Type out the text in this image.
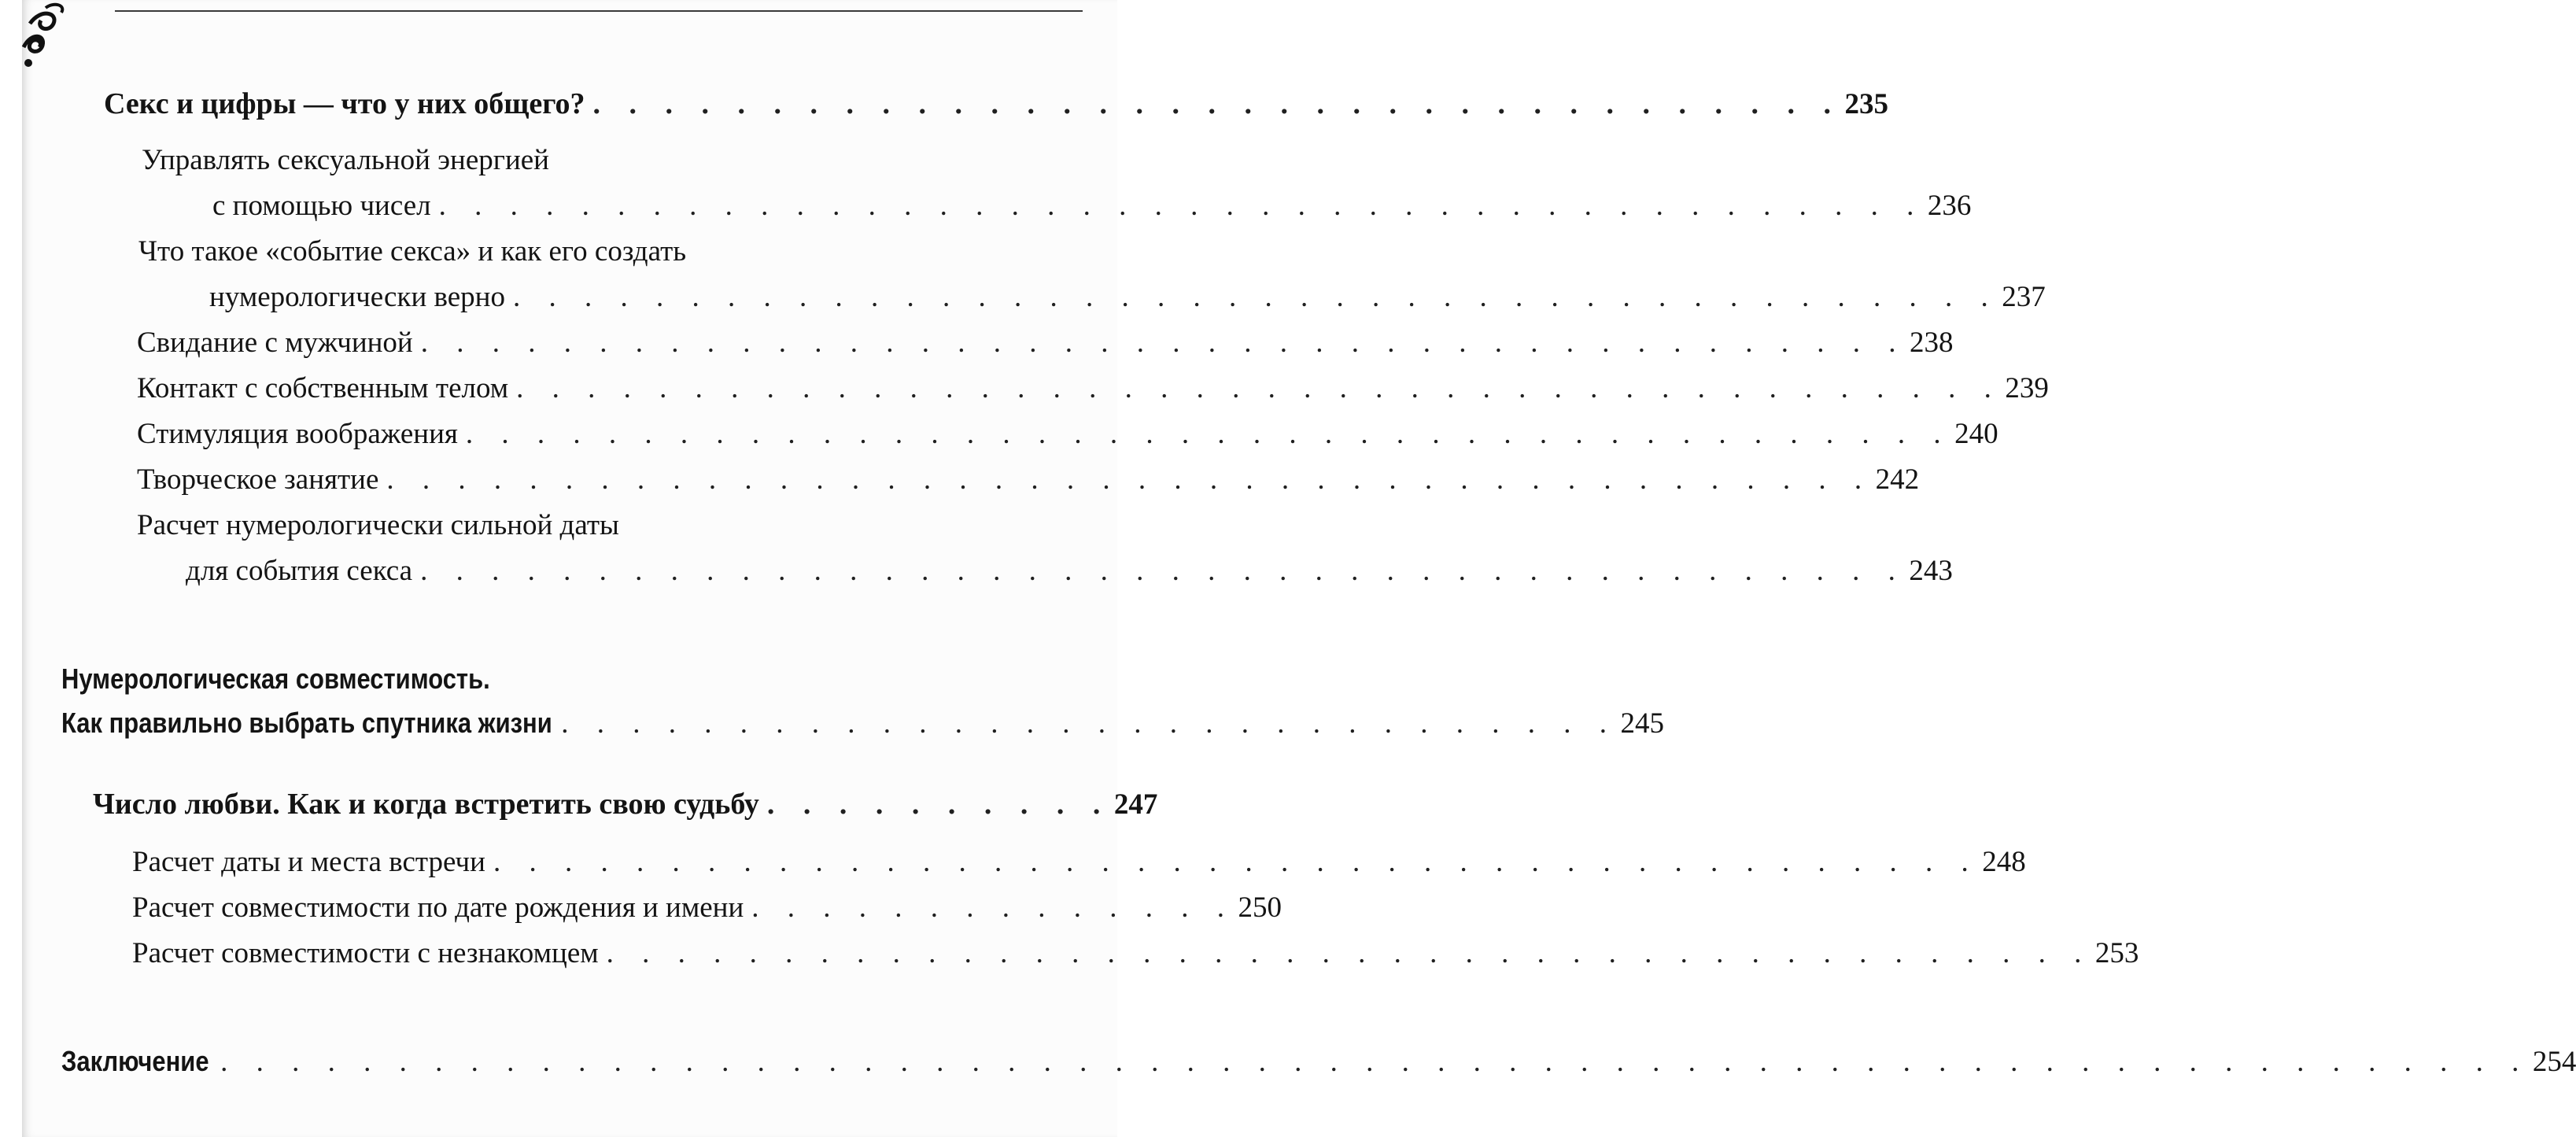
Секс и цифры — что у них общего? . . . . . . . . . . . . . . . . . . . . . . . . . . . . . . . . . . . 235
Управлять сексуальной энергией
с помощью чисел . . . . . . . . . . . . . . . . . . . . . . . . . . . . . . . . . . . . . . . . . . 236
Что такое «событие секса» и как его создать
нумерологически верно . . . . . . . . . . . . . . . . . . . . . . . . . . . . . . . . . . . . . . . . . . 237
Свидание с мужчиной . . . . . . . . . . . . . . . . . . . . . . . . . . . . . . . . . . . . . . . . . . 238
Контакт с собственным телом . . . . . . . . . . . . . . . . . . . . . . . . . . . . . . . . . . . . . . . . . . 239
Стимуляция воображения . . . . . . . . . . . . . . . . . . . . . . . . . . . . . . . . . . . . . . . . . . 240
Творческое занятие . . . . . . . . . . . . . . . . . . . . . . . . . . . . . . . . . . . . . . . . . . 242
Расчет нумерологически сильной даты
для события секса . . . . . . . . . . . . . . . . . . . . . . . . . . . . . . . . . . . . . . . . . . 243
Нумерологическая совместимость.
Как правильно выбрать спутника жизни . . . . . . . . . . . . . . . . . . . . . . . . . . . . . . 245
Число любви. Как и когда встретить свою судьбу . . . . . . . . . . 247
Расчет даты и места встречи . . . . . . . . . . . . . . . . . . . . . . . . . . . . . . . . . . . . . . . . . . 248
Расчет совместимости по дате рождения и имени . . . . . . . . . . . . . . 250
Расчет совместимости с незнакомцем . . . . . . . . . . . . . . . . . . . . . . . . . . . . . . . . . . . . . . . . . . 253
Заключение . . . . . . . . . . . . . . . . . . . . . . . . . . . . . . . . . . . . . . . . . . . . . . . . . . . . . . . . . . . . . . . . . 254
